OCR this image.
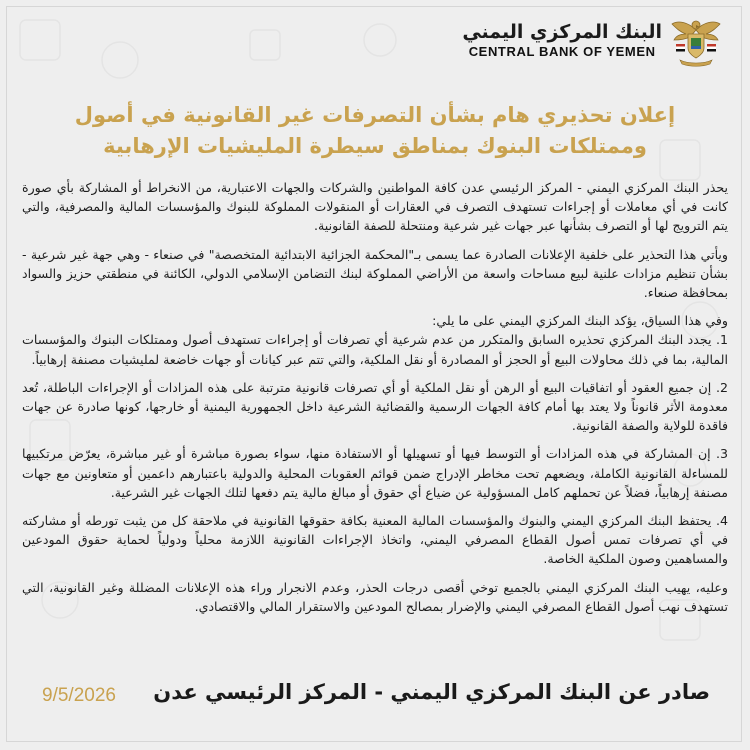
البنك المركزي اليمني
CENTRAL BANK OF YEMEN
إعلان تحذيري هام بشأن التصرفات غير القانونية في أصول
وممتلكات البنوك بمناطق سيطرة المليشيات الإرهابية

يحذر البنك المركزي اليمني - المركز الرئيسي عدن كافة المواطنين والشركات والجهات الاعتبارية، من الانخراط أو المشاركة بأي صورة كانت في أي معاملات أو إجراءات تستهدف التصرف في العقارات أو المنقولات المملوكة للبنوك والمؤسسات المالية والمصرفية، والتي يتم الترويج لها أو التصرف بشأنها عبر جهات غير شرعية ومنتحلة للصفة القانونية.

ويأتي هذا التحذير على خلفية الإعلانات الصادرة عما يسمى بـ"المحكمة الجزائية الابتدائية المتخصصة" في صنعاء - وهي جهة غير شرعية - بشأن تنظيم مزادات علنية لبيع مساحات واسعة من الأراضي المملوكة لبنك التضامن الإسلامي الدولي، الكائنة في منطقتي حزيز والسواد بمحافظة صنعاء.

وفي هذا السياق، يؤكد البنك المركزي اليمني على ما يلي:

1. يجدد البنك المركزي تحذيره السابق والمتكرر من عدم شرعية أي تصرفات أو إجراءات تستهدف أصول وممتلكات البنوك والمؤسسات المالية، بما في ذلك محاولات البيع أو الحجز أو المصادرة أو نقل الملكية، والتي تتم عبر كيانات أو جهات خاضعة لمليشيات مصنفة إرهابياً.

2. إن جميع العقود أو اتفاقيات البيع أو الرهن أو نقل الملكية أو أي تصرفات قانونية مترتبة على هذه المزادات أو الإجراءات الباطلة، تُعد معدومة الأثر قانوناً ولا يعتد بها أمام كافة الجهات الرسمية والقضائية الشرعية داخل الجمهورية اليمنية أو خارجها، كونها صادرة عن جهات فاقدة للولاية والصفة القانونية.

3. إن المشاركة في هذه المزادات أو التوسط فيها أو تسهيلها أو الاستفادة منها، سواء بصورة مباشرة أو غير مباشرة، يعرّض مرتكبيها للمساءلة القانونية الكاملة، ويضعهم تحت مخاطر الإدراج ضمن قوائم العقوبات المحلية والدولية باعتبارهم داعمين أو متعاونين مع جهات مصنفة إرهابياً، فضلاً عن تحملهم كامل المسؤولية عن ضياع أي حقوق أو مبالغ مالية يتم دفعها لتلك الجهات غير الشرعية.

4. يحتفظ البنك المركزي اليمني والبنوك والمؤسسات المالية المعنية بكافة حقوقها القانونية في ملاحقة كل من يثبت تورطه أو مشاركته في أي تصرفات تمس أصول القطاع المصرفي اليمني، واتخاذ الإجراءات القانونية اللازمة محلياً ودولياً لحماية حقوق المودعين والمساهمين وصون الملكية الخاصة.

وعليه، يهيب البنك المركزي اليمني بالجميع توخي أقصى درجات الحذر، وعدم الانجرار وراء هذه الإعلانات المضللة وغير القانونية، التي تستهدف نهب أصول القطاع المصرفي اليمني والإضرار بمصالح المودعين والاستقرار المالي والاقتصادي.

صادر عن البنك المركزي اليمني - المركز الرئيسي عدن
9/5/2026
